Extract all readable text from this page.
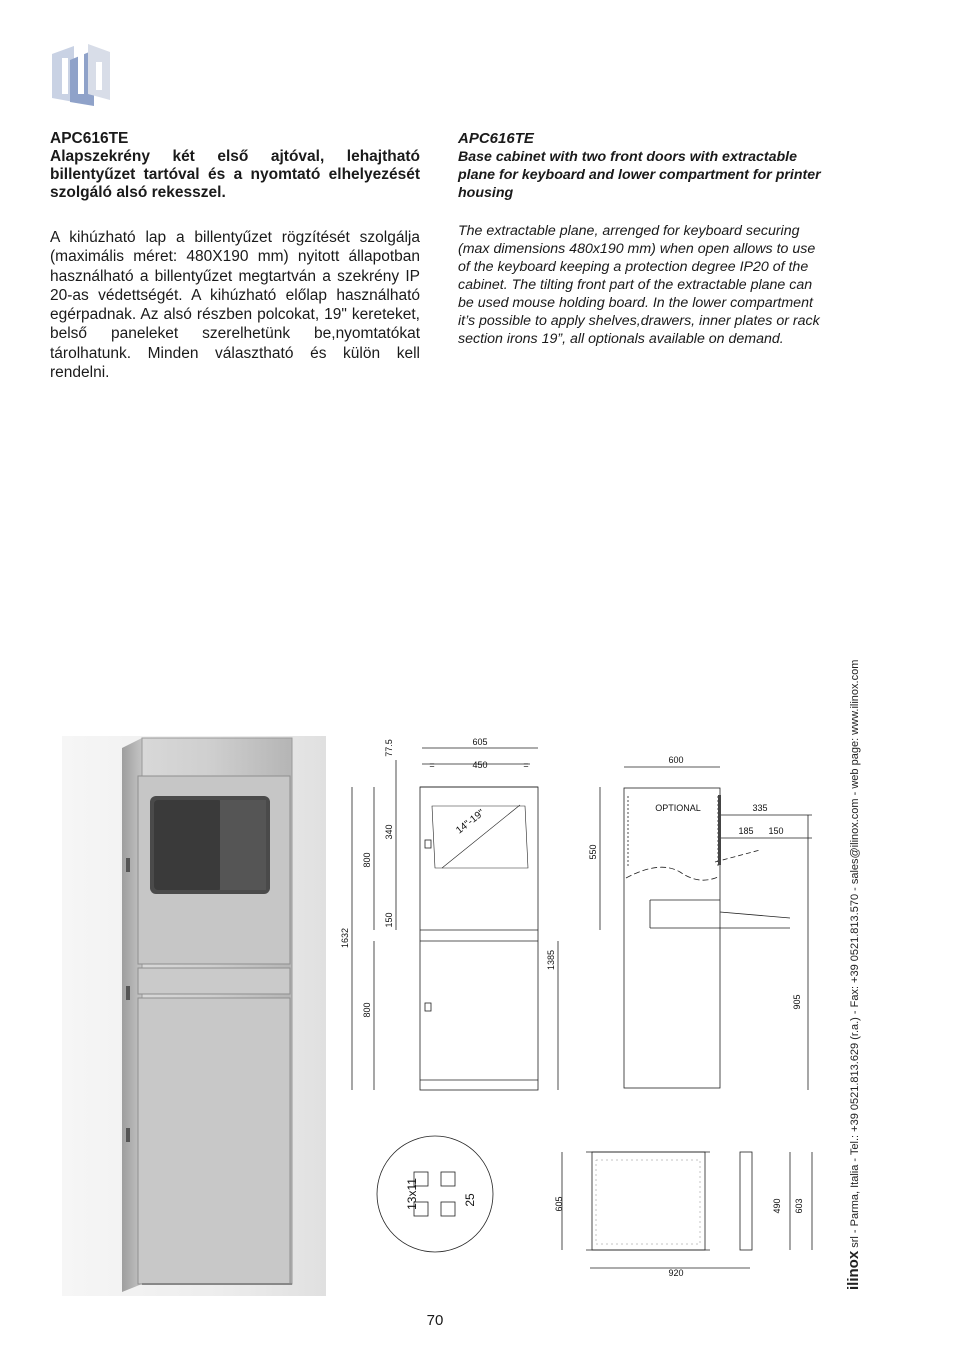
APC616TE
Alapszekrény két első ajtóval, lehajtható billentyűzet tartóval és a nyomtató elhelyezését szolgáló alsó rekesszel.
A kihúzható lap a billentyűzet rögzítését szolgálja (maximális méret: 480X190 mm) nyitott állapotban használható a billentyűzet megtartván a szekrény IP 20-as védettségét. A kihúzható előlap használható egérpadnak. Az alsó részben polcokat, 19" kereteket, belső paneleket szerelhetünk be,nyomtatókat tárolhatunk. Minden választható és külön kell rendelni.
APC616TE
Base cabinet with two front doors with extractable plane for keyboard and lower compartment for printer housing
The extractable plane, arrenged for keyboard securing (max dimensions 480x190 mm) when open allows to use of the keyboard keeping a protection degree IP20 of the cabinet. The tilting front part of the extractable plane can be used mouse holding board. In the lower compartment it’s possible to apply shelves,drawers, inner plates or rack section irons 19”, all optionals available on demand.
1632
800
800
77.5
340
150
605
=	450	=
14"-19"
1385
550
600
OPTIONAL	335
185 150
905
13x11	25	605
920
490 603
70
ilinox srl - Parma, Italia - Tel.: +39 0521.813.629 (r.a.) - Fax: +39 0521.813.570 - sales@ilinox.com - web page: www.ilinox.com
